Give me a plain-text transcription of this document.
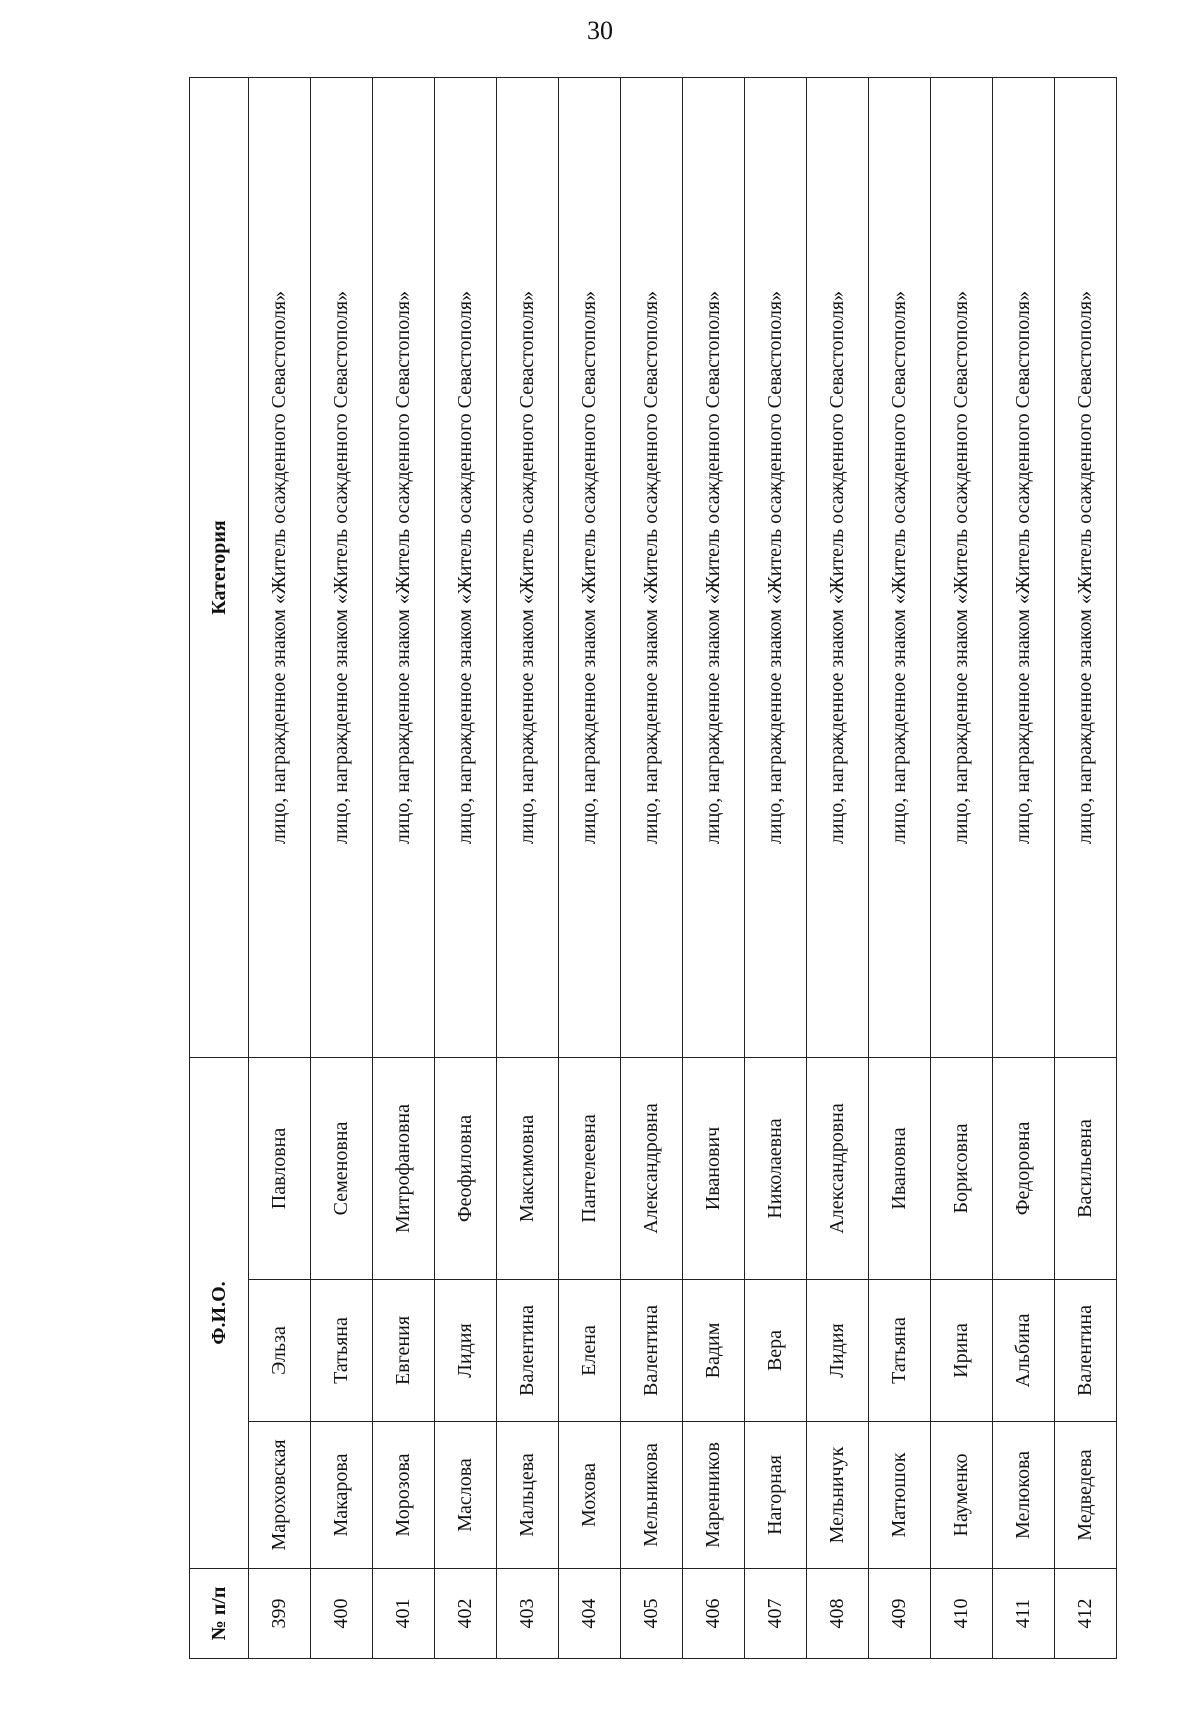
30
№ п/п	Ф.И.О.			Категория
399	Мароховская	Эльза	Павловна	лицо, награжденное знаком «Житель осажденного Севастополя»
400	Макарова	Татьяна	Семеновна	лицо, награжденное знаком «Житель осажденного Севастополя»
401	Морозова	Евгения	Митрофановна	лицо, награжденное знаком «Житель осажденного Севастополя»
402	Маслова	Лидия	Феофиловна	лицо, награжденное знаком «Житель осажденного Севастополя»
403	Мальцева	Валентина	Максимовна	лицо, награжденное знаком «Житель осажденного Севастополя»
404	Мохова	Елена	Пантелеевна	лицо, награжденное знаком «Житель осажденного Севастополя»
405	Мельникова	Валентина	Александровна	лицо, награжденное знаком «Житель осажденного Севастополя»
406	Маренников	Вадим	Иванович	лицо, награжденное знаком «Житель осажденного Севастополя»
407	Нагорная	Вера	Николаевна	лицо, награжденное знаком «Житель осажденного Севастополя»
408	Мельничук	Лидия	Александровна	лицо, награжденное знаком «Житель осажденного Севастополя»
409	Матюшок	Татьяна	Ивановна	лицо, награжденное знаком «Житель осажденного Севастополя»
410	Науменко	Ирина	Борисовна	лицо, награжденное знаком «Житель осажденного Севастополя»
411	Мелюкова	Альбина	Федоровна	лицо, награжденное знаком «Житель осажденного Севастополя»
412	Медведева	Валентина	Васильевна	лицо, награжденное знаком «Житель осажденного Севастополя»
